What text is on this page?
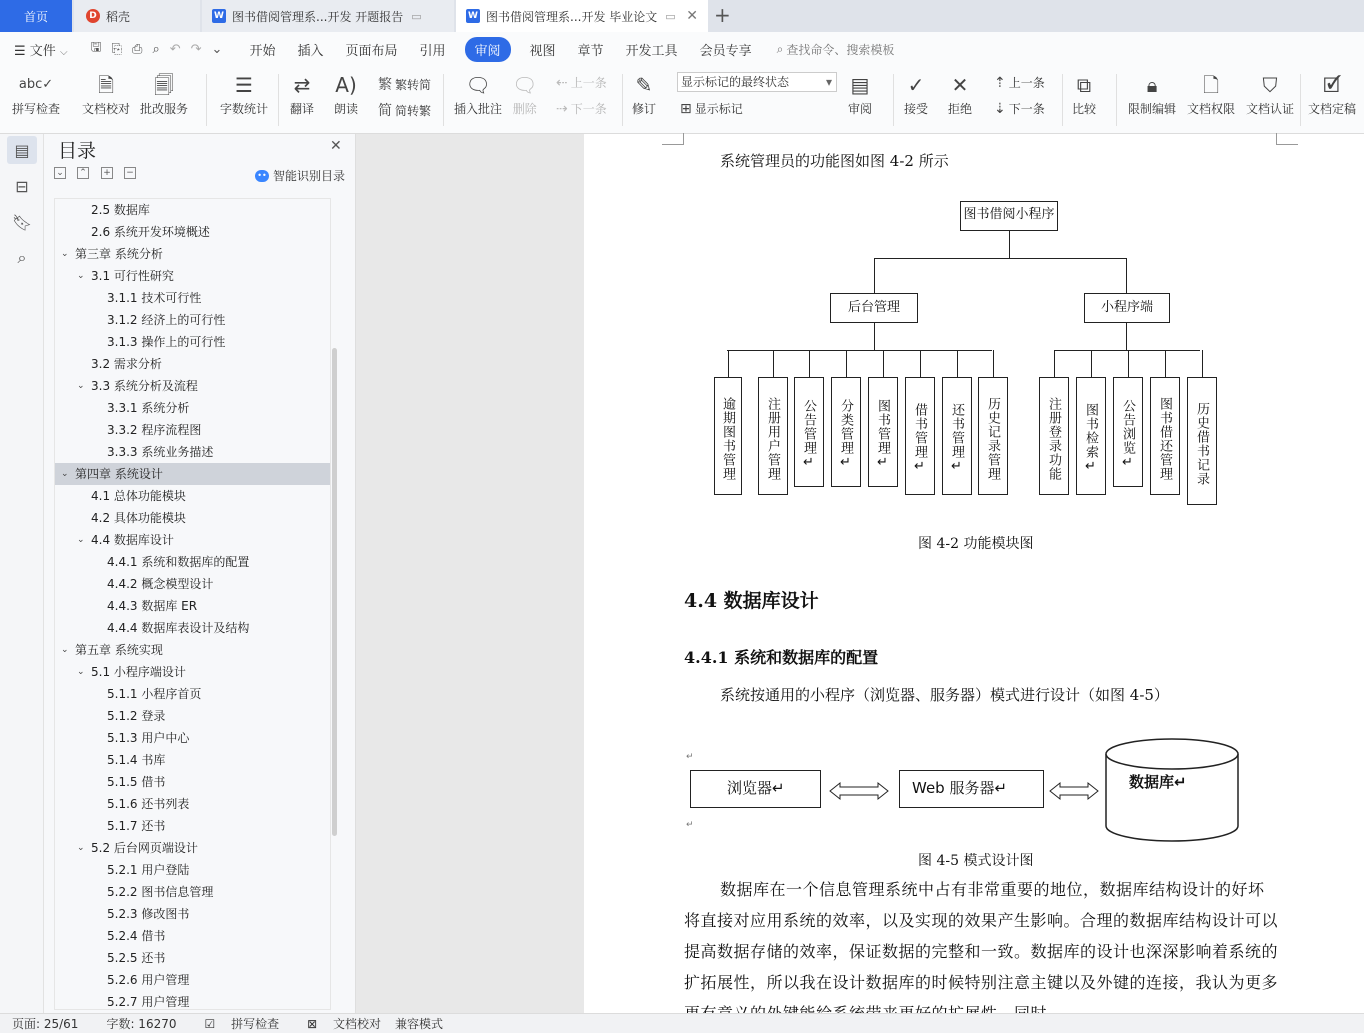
首页	D 稻壳	W 图书借阅管理系...开发 开题报告 ▭	W 图书借阅管理系...开发 毕业论文 ▭ ✕ +
☰ 文件 ⌵	🖫 ⎘ ⎙ ⌕ ↶ ↷ ⌄	开始	插入	页面布局	引用	审阅	视图	章节	开发工具	会员专享	⌕ 查找命令、搜索模板
abc✓
拼写检查
🗎
文档校对
🗐
批改服务
☰
字数统计
⇄
翻译
A)
朗读
繁 繁转简
简 简转繁
🗨
插入批注
🗨
删除
⇠ 上一条
⇢ 下一条
✎
修订
显示标记的最终状态 ▾
⊞ 显示标记
▤
审阅
✓
接受
✕
拒绝
⇡ 上一条
⇣ 下一条
⧉
比较
🔒︎
限制编辑
🗋
文档权限
⛉
文档认证
🗹
文档定稿
▤
⊟
🔖︎
⌕
目录	✕
⌄ ⌃ + −	•• 智能识别目录
2.5 数据库
2.6 系统开发环境概述
⌄ 第三章 系统分析
⌄ 3.1 可行性研究
3.1.1 技术可行性
3.1.2 经济上的可行性
3.1.3 操作上的可行性
3.2 需求分析
⌄ 3.3 系统分析及流程
3.3.1 系统分析
3.3.2 程序流程图
3.3.3 系统业务描述
⌄ 第四章 系统设计
4.1 总体功能模块
4.2 具体功能模块
⌄ 4.4 数据库设计
4.4.1 系统和数据库的配置
4.4.2 概念模型设计
4.4.3 数据库 ER
4.4.4 数据库表设计及结构
⌄ 第五章 系统实现
⌄ 5.1 小程序端设计
5.1.1 小程序首页
5.1.2 登录
5.1.3 用户中心
5.1.4 书库
5.1.5 借书
5.1.6 还书列表
5.1.7 还书
⌄ 5.2 后台网页端设计
5.2.1 用户登陆
5.2.2 图书信息管理
5.2.3 修改图书
5.2.4 借书
5.2.5 还书
5.2.6 用户管理
5.2.7 用户管理
系统管理员的功能图如图 4-2 所示
图书借阅小程序
后台管理	小程序端
逾期图书管理	注册用户管理	公告管理↵	分类管理↵	图书管理↵	借书管理↵	还书管理↵	历史记录管理	注册登录功能	图书检索↵	公告浏览↵	图书借还管理	历史借书记录
图 4-2 功能模块图
4.4 数据库设计
4.4.1 系统和数据库的配置
系统按通用的小程序（浏览器、服务器）模式进行设计（如图 4-5）
浏览器↵	Web 服务器↵	数据库↵
↵
↵
图 4-5 模式设计图
数据库在一个信息管理系统中占有非常重要的地位，数据库结构设计的好坏将直接对应用系统的效率，以及实现的效果产生影响。合理的数据库结构设计可以提高数据存储的效率，保证数据的完整和一致。数据库的设计也深深影响着系统的扩拓展性，所以我在设计数据库的时候特别注意主键以及外键的连接，我认为更多
页面: 25/61 字数: 16270	☑ 拼写检查	⊠ 文档校对 兼容模式
